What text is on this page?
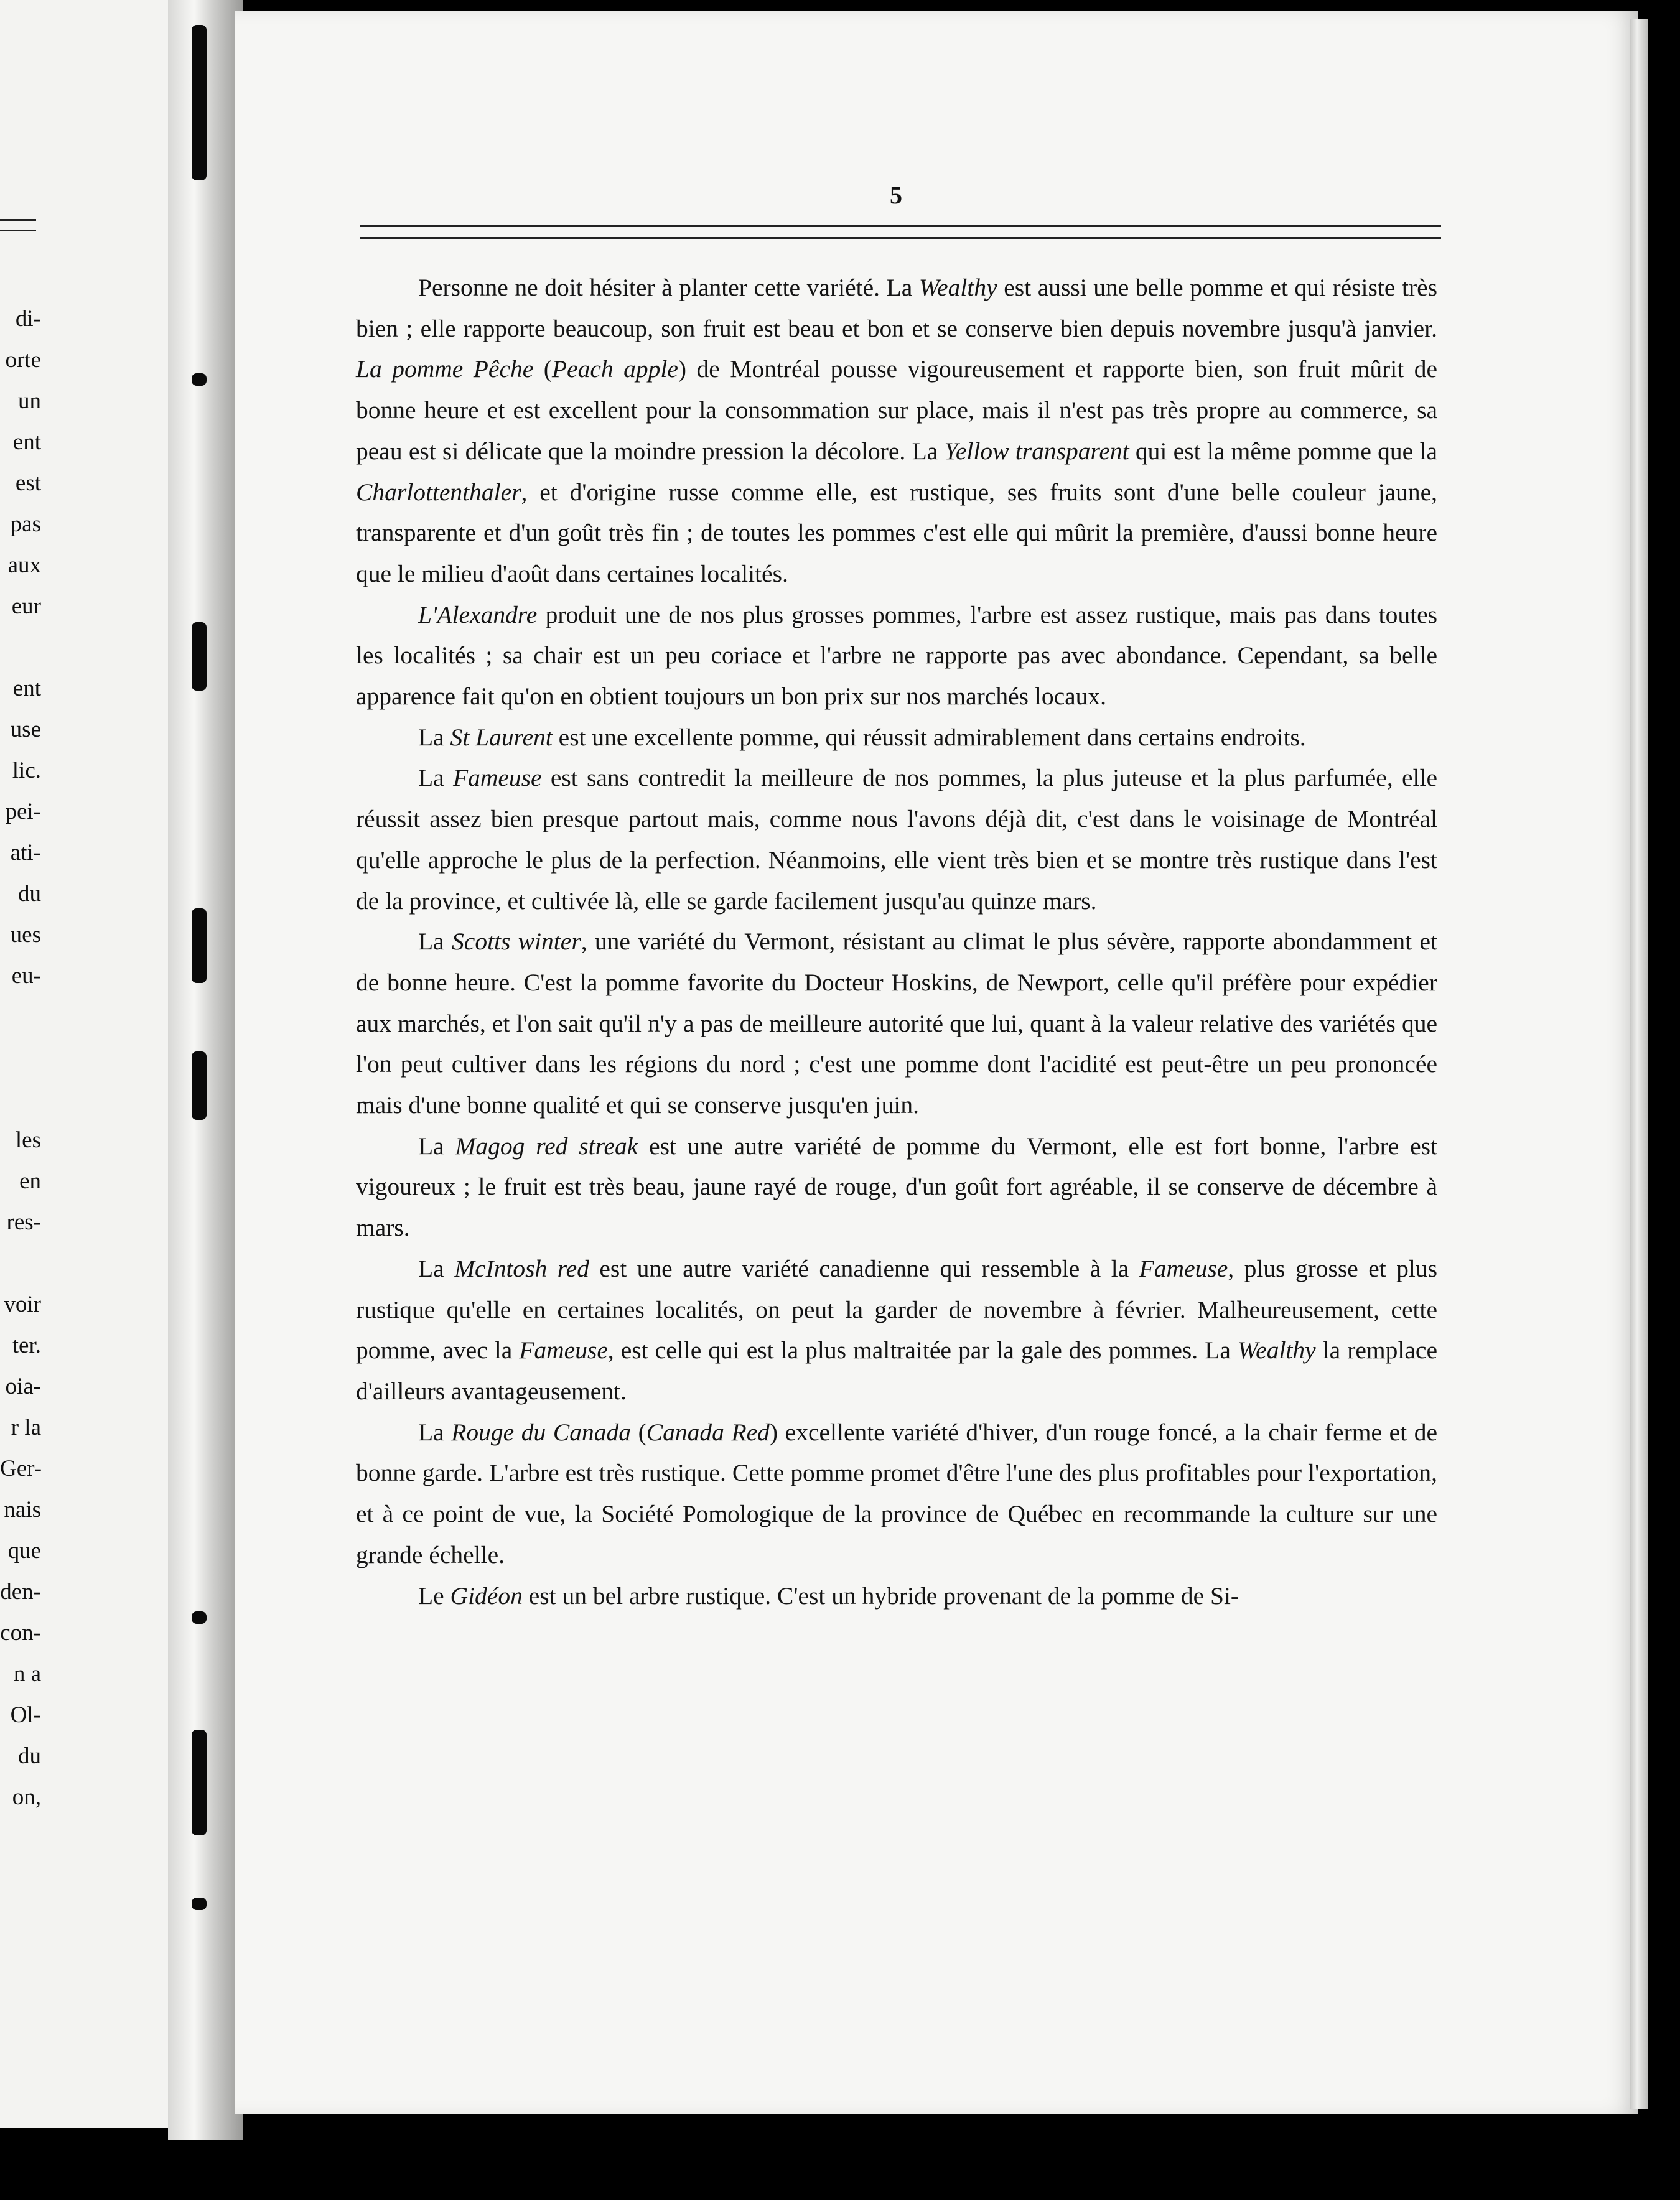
di-
orte
un
ent
est
pas
aux
eur
ent
use
lic.
pei-
ati-
du
ues
eu-
les
en
res-
voir
ter.
oia-
r la
Ger-
nais
que
den-
con-
n a
Ol-
du
on,
5

Personne ne doit hésiter à planter cette variété. La Wealthy est aussi une belle pomme et qui résiste très bien ; elle rapporte beaucoup, son fruit est beau et bon et se conserve bien depuis novembre jusqu'à janvier. La pomme Pêche (Peach apple) de Montréal pousse vigoureusement et rapporte bien, son fruit mûrit de bonne heure et est excellent pour la consommation sur place, mais il n'est pas très propre au commerce, sa peau est si délicate que la moindre pression la décolore. La Yellow transparent qui est la même pomme que la Charlottenthaler, et d'origine russe comme elle, est rustique, ses fruits sont d'une belle couleur jaune, transparente et d'un goût très fin ; de toutes les pommes c'est elle qui mûrit la première, d'aussi bonne heure que le milieu d'août dans certaines localités.

L'Alexandre produit une de nos plus grosses pommes, l'arbre est assez rustique, mais pas dans toutes les localités ; sa chair est un peu coriace et l'arbre ne rapporte pas avec abondance. Cependant, sa belle apparence fait qu'on en obtient toujours un bon prix sur nos marchés locaux.

La St Laurent est une excellente pomme, qui réussit admirablement dans certains endroits.

La Fameuse est sans contredit la meilleure de nos pommes, la plus juteuse et la plus parfumée, elle réussit assez bien presque partout mais, comme nous l'avons déjà dit, c'est dans le voisinage de Montréal qu'elle approche le plus de la perfection. Néanmoins, elle vient très bien et se montre très rustique dans l'est de la province, et cultivée là, elle se garde facilement jusqu'au quinze mars.

La Scotts winter, une variété du Vermont, résistant au climat le plus sévère, rapporte abondamment et de bonne heure. C'est la pomme favorite du Docteur Hoskins, de Newport, celle qu'il préfère pour expédier aux marchés, et l'on sait qu'il n'y a pas de meilleure autorité que lui, quant à la valeur relative des variétés que l'on peut cultiver dans les régions du nord ; c'est une pomme dont l'acidité est peut-être un peu prononcée mais d'une bonne qualité et qui se conserve jusqu'en juin.

La Magog red streak est une autre variété de pomme du Vermont, elle est fort bonne, l'arbre est vigoureux ; le fruit est très beau, jaune rayé de rouge, d'un goût fort agréable, il se conserve de décembre à mars.

La McIntosh red est une autre variété canadienne qui ressemble à la Fameuse, plus grosse et plus rustique qu'elle en certaines localités, on peut la garder de novembre à février. Malheureusement, cette pomme, avec la Fameuse, est celle qui est la plus maltraitée par la gale des pommes. La Wealthy la remplace d'ailleurs avantageusement.

La Rouge du Canada (Canada Red) excellente variété d'hiver, d'un rouge foncé, a la chair ferme et de bonne garde. L'arbre est très rustique. Cette pomme promet d'être l'une des plus profitables pour l'exportation, et à ce point de vue, la Société Pomologique de la province de Québec en recommande la culture sur une grande échelle.

Le Gidéon est un bel arbre rustique. C'est un hybride provenant de la pomme de Si-
